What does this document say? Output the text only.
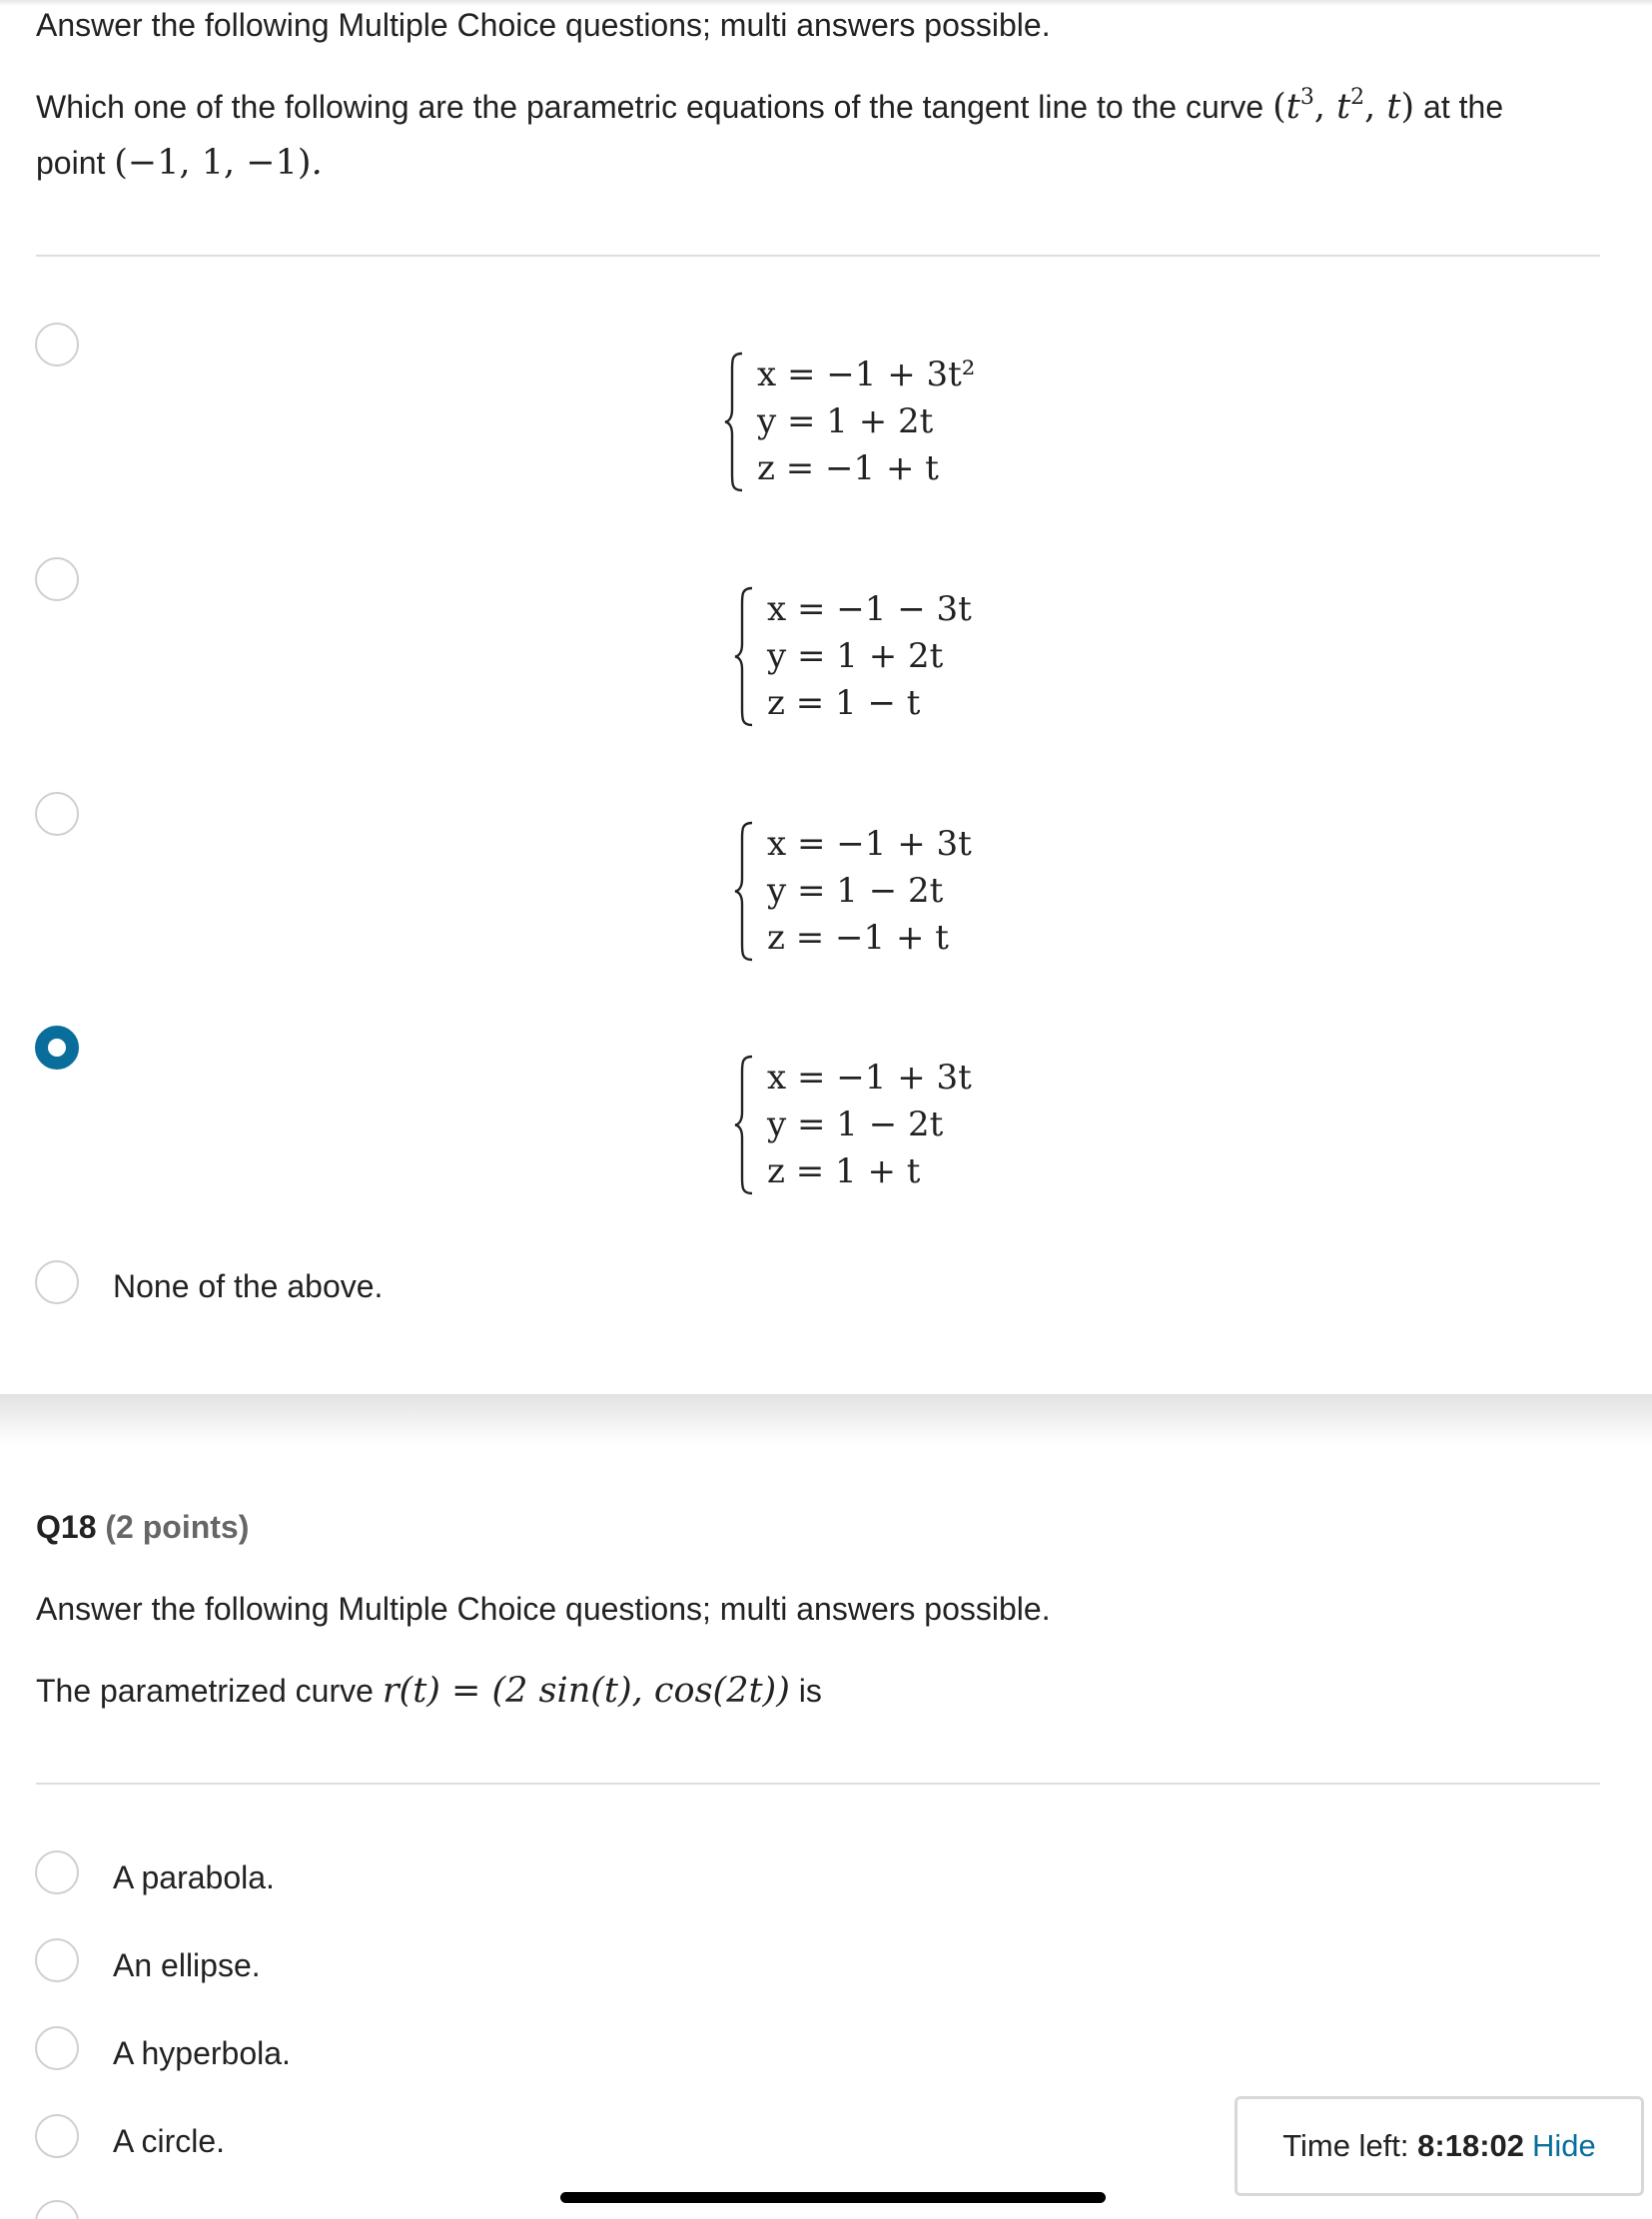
Answer the following Multiple Choice questions; multi answers possible.
Which one of the following are the parametric equations of the tangent line to the curve ($t^3$, $t^2$, t) at the
point (−1, 1, −1).
x = −1 + 3t²
y = 1 + 2t
z = −1 + t
x = −1 − 3t
y = 1 + 2t
z = 1 − t
x = −1 + 3t
y = 1 − 2t
z = −1 + t
x = −1 + 3t
y = 1 − 2t
z = 1 + t
None of the above.
Q18 (2 points)
Answer the following Multiple Choice questions; multi answers possible.
The parametrized curve r(t) = (2 sin(t), cos(2t)) is
A parabola.
An ellipse.
A hyperbola.
A circle.	Time left:
8:18:02 Hide
